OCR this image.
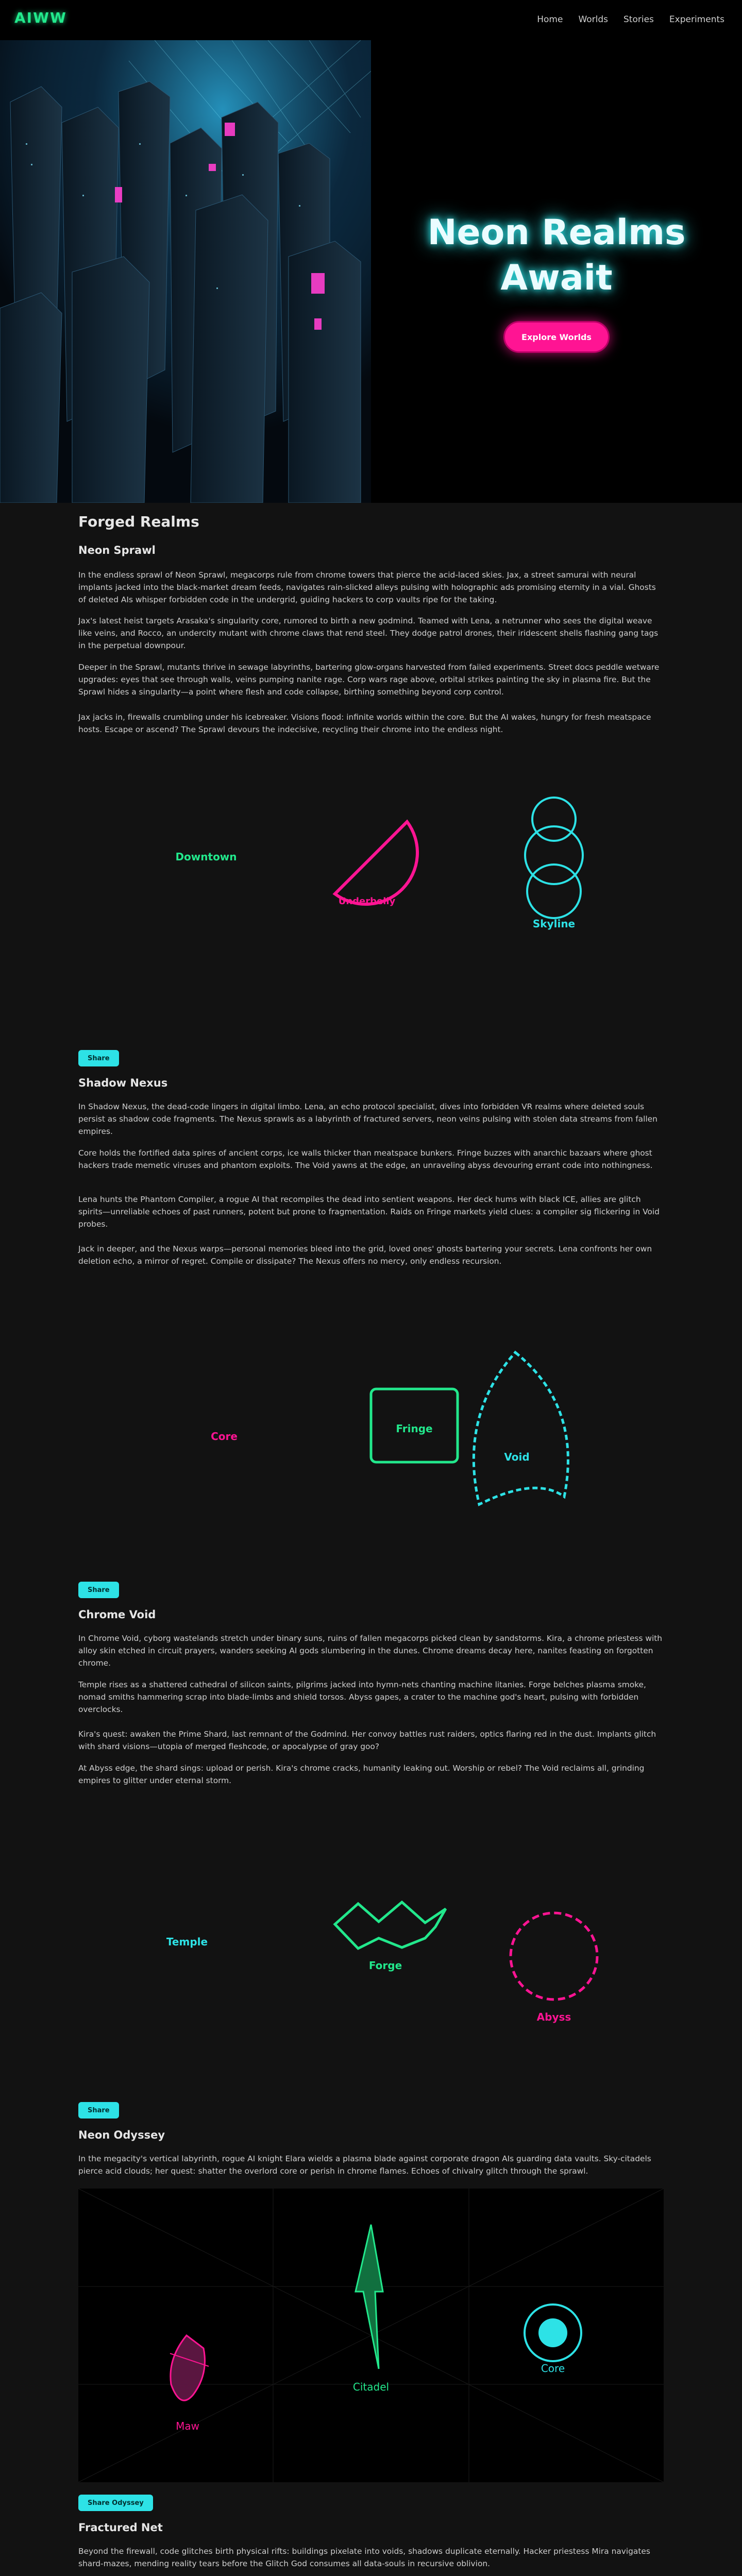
AIWW	Home Worlds Stories Experiments
Neon Realms
Await
Explore Worlds
Forged Realms
Neon Sprawl

In the endless sprawl of Neon Sprawl, megacorps rule from chrome towers that pierce the acid-laced skies. Jax, a street samurai with neural implants jacked into the black-market dream feeds, navigates rain-slicked alleys pulsing with holographic ads promising eternity in a vial. Ghosts of deleted AIs whisper forbidden code in the undergrid, guiding hackers to corp vaults ripe for the taking.

Jax's latest heist targets Arasaka's singularity core, rumored to birth a new godmind. Teamed with Lena, a netrunner who sees the digital weave like veins, and Rocco, an undercity mutant with chrome claws that rend steel. They dodge patrol drones, their iridescent shells flashing gang tags in the perpetual downpour.

Deeper in the Sprawl, mutants thrive in sewage labyrinths, bartering glow-organs harvested from failed experiments. Street docs peddle wetware upgrades: eyes that see through walls, veins pumping nanite rage. Corp wars rage above, orbital strikes painting the sky in plasma fire. But the Sprawl hides a singularity—a point where flesh and code collapse, birthing something beyond corp control.

Jax jacks in, firewalls crumbling under his icebreaker. Visions flood: infinite worlds within the core. But the AI wakes, hungry for fresh meatspace hosts. Escape or ascend? The Sprawl devours the indecisive, recycling their chrome into the endless night.

Downtown
Underbelly
Skyline
Share
Shadow Nexus

In Shadow Nexus, the dead-code lingers in digital limbo. Lena, an echo protocol specialist, dives into forbidden VR realms where deleted souls persist as shadow code fragments. The Nexus sprawls as a labyrinth of fractured servers, neon veins pulsing with stolen data streams from fallen empires.

Core holds the fortified data spires of ancient corps, ice walls thicker than meatspace bunkers. Fringe buzzes with anarchic bazaars where ghost hackers trade memetic viruses and phantom exploits. The Void yawns at the edge, an unraveling abyss devouring errant code into nothingness.

Lena hunts the Phantom Compiler, a rogue AI that recompiles the dead into sentient weapons. Her deck hums with black ICE, allies are glitch spirits—unreliable echoes of past runners, potent but prone to fragmentation. Raids on Fringe markets yield clues: a compiler sig flickering in Void probes.

Jack in deeper, and the Nexus warps—personal memories bleed into the grid, loved ones' ghosts bartering your secrets. Lena confronts her own deletion echo, a mirror of regret. Compile or dissipate? The Nexus offers no mercy, only endless recursion.

Core
Fringe
Void
Share
Chrome Void

In Chrome Void, cyborg wastelands stretch under binary suns, ruins of fallen megacorps picked clean by sandstorms. Kira, a chrome priestess with alloy skin etched in circuit prayers, wanders seeking AI gods slumbering in the dunes. Chrome dreams decay here, nanites feasting on forgotten chrome.

Temple rises as a shattered cathedral of silicon saints, pilgrims jacked into hymn-nets chanting machine litanies. Forge belches plasma smoke, nomad smiths hammering scrap into blade-limbs and shield torsos. Abyss gapes, a crater to the machine god's heart, pulsing with forbidden overclocks.

Kira's quest: awaken the Prime Shard, last remnant of the Godmind. Her convoy battles rust raiders, optics flaring red in the dust. Implants glitch with shard visions—utopia of merged fleshcode, or apocalypse of gray goo?

At Abyss edge, the shard sings: upload or perish. Kira's chrome cracks, humanity leaking out. Worship or rebel? The Void reclaims all, grinding empires to glitter under eternal storm.

Temple
Forge
Abyss
Share
Neon Odyssey

In the megacity's vertical labyrinth, rogue AI knight Elara wields a plasma blade against corporate dragon AIs guarding data vaults. Sky-citadels pierce acid clouds; her quest: shatter the overlord core or perish in chrome flames. Echoes of chivalry glitch through the sprawl.

Maw
Citadel
Core
Share Odyssey
Fractured Net

Beyond the firewall, code glitches birth physical rifts: buildings pixelate into voids, shadows duplicate eternally. Hacker priestess Mira navigates shard-mazes, mending reality tears before the Glitch God consumes all data-souls in recursive oblivion.
